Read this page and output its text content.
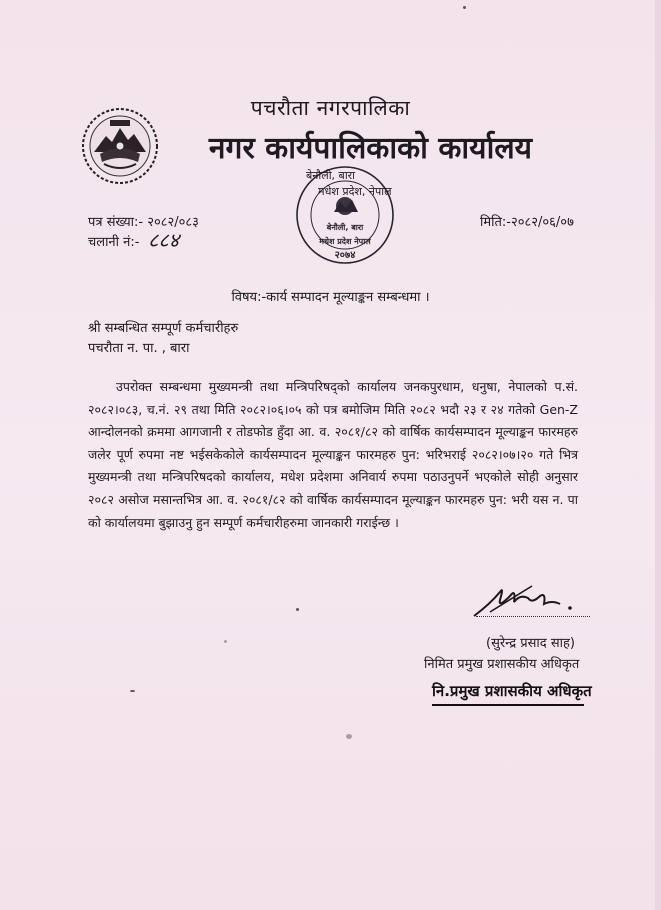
पचरौता नगरपालिका
नगर कार्यपालिकाको कार्यालय
बेनौली, बारा
मधेश प्रदेश नेपाल
२०७४
बेनौली, बारा
मधेश प्रदेश, नेपाल
पत्र संख्या:- २०८२/०८३
चलानी नं:- ८८४
मिति:-२०८२/०६/०७
विषय:-कार्य सम्पादन मूल्याङ्कन सम्बन्धमा ।
श्री सम्बन्धित सम्पूर्ण कर्मचारीहरु
पचरौता न. पा. , बारा
उपरोक्त सम्बन्धमा मुख्यमन्त्री तथा मन्त्रिपरिषद्को कार्यालय जनकपुरधाम, धनुषा, नेपालको प.सं. २०८२।०८३, च.नं. २९ तथा मिति २०८२।०६।०५ को पत्र बमोजिम मिति २०८२ भदौ २३ र २४ गतेको Gen-Z आन्दोलनको क्रममा आगजानी र तोडफोड हुँदा आ. व. २०८१/८२ को वार्षिक कार्यसम्पादन मूल्याङ्कन फारमहरु जलेर पूर्ण रुपमा नष्ट भईसकेकोले कार्यसम्पादन मूल्याङ्कन फारमहरु पुन: भरिभराई २०८२।०७।२० गते भित्र मुख्यमन्त्री तथा मन्त्रिपरिषदको कार्यालय, मधेश प्रदेशमा अनिवार्य रुपमा पठाउनुपर्ने भएकोले सोही अनुसार २०८२ असोज मसान्तभित्र आ. व. २०८१/८२ को वार्षिक कार्यसम्पादन मूल्याङ्कन फारमहरु पुन: भरी यस न. पा को कार्यालयमा बुझाउनु हुन सम्पूर्ण कर्मचारीहरुमा जानकारी गराईन्छ ।
(सुरेन्द्र प्रसाद साह)
निमित प्रमुख प्रशासकीय अधिकृत
नि.प्रमुख प्रशासकीय अधिकृत
